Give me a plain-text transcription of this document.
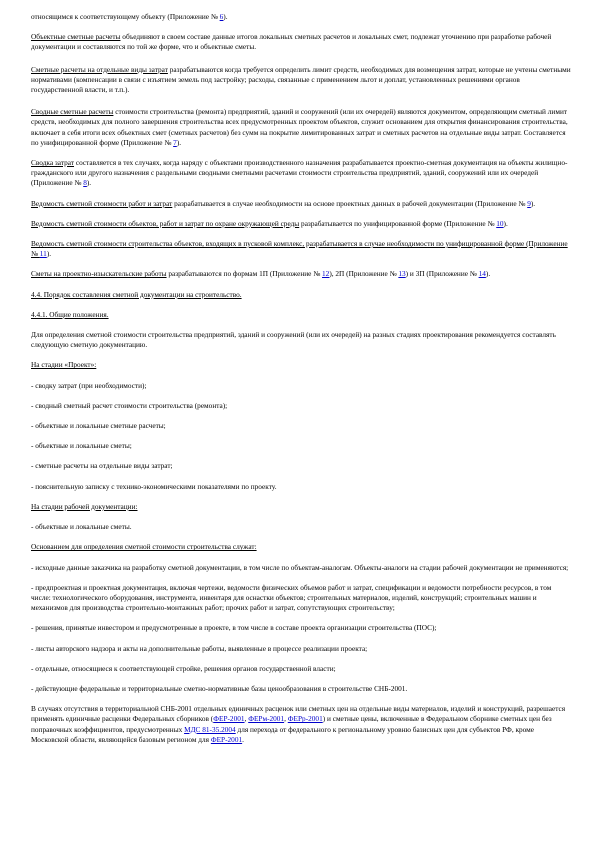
относящимся к соответствующему объекту (Приложение № 6).

Объектные сметные расчеты объединяют в своем составе данные итогов локальных сметных расчетов и локальных смет, подлежат уточнению при разработке рабочей документации и составляются по той же форме, что и объектные сметы.

Сметные расчеты на отдельные виды затрат разрабатываются когда требуется определить лимит средств, необходимых для возмещения затрат, которые не учтены сметными нормативами (компенсации в связи с изъятием земель под застройку; расходы, связанные с применением льгот и доплат, установленных решениями органов государственной власти, и т.п.).

Сводные сметные расчеты стоимости строительства (ремонта) предприятий, зданий и сооружений (или их очередей) являются документом, определяющим сметный лимит средств, необходимых для полного завершения строительства всех предусмотренных проектом объектов, служит основанием для открытия финансирования строительства, включает в себя итоги всех объектных смет (сметных расчетов) без сумм на покрытие лимитированных затрат и сметных расчетов на отдельные виды затрат. Составляется по унифицированной форме (Приложение № 7).

Сводка затрат составляется в тех случаях, когда наряду с объектами производственного назначения разрабатывается проектно-сметная документация на объекты жилищно-гражданского или другого назначения с раздельными сводными сметными расчетами стоимости строительства предприятий, зданий, сооружений или их очередей (Приложение № 8).

Ведомость сметной стоимости работ и затрат разрабатывается в случае необходимости на основе проектных данных в рабочей документации (Приложение № 9).

Ведомость сметной стоимости объектов, работ и затрат по охране окружающей среды разрабатывается по унифицированной форме (Приложение № 10).

Ведомость сметной стоимости строительства объектов, входящих в пусковой комплекс, разрабатывается в случае необходимости по унифицированной форме (Приложение № 11).

Сметы на проектно-изыскательские работы разрабатываются по формам 1П (Приложение № 12), 2П (Приложение № 13) и 3П (Приложение № 14).

4.4. Порядок составления сметной документации на строительство.

4.4.1. Общие положения.

Для определения сметной стоимости строительства предприятий, зданий и сооружений (или их очередей) на разных стадиях проектирования рекомендуется составлять следующую сметную документацию.

На стадии «Проект»:

- сводку затрат (при необходимости);

- сводный сметный расчет стоимости строительства (ремонта);

- объектные и локальные сметные расчеты;

- объектные и локальные сметы;

- сметные расчеты на отдельные виды затрат;

- пояснительную записку с технико-экономическими показателями по проекту.

На стадии рабочей документации:

- объектные и локальные сметы.

Основанием для определения сметной стоимости строительства служат:

- исходные данные заказчика на разработку сметной документации, в том числе по объектам-аналогам. Объекты-аналоги на стадии рабочей документации не применяются;

- предпроектная и проектная документация, включая чертежи, ведомости физических объемов работ и затрат, спецификации и ведомости потребности ресурсов, в том числе: технологического оборудования, инструмента, инвентаря для оснастки объектов; строительных материалов, изделий, конструкций; строительных машин и механизмов для производства строительно-монтажных работ; прочих работ и затрат, сопутствующих строительству;

- решения, принятые инвестором и предусмотренные в проекте, в том числе в составе проекта организации строительства (ПОС);

- листы авторского надзора и акты на дополнительные работы, выявленные в процессе реализации проекта;

- отдельные, относящиеся к соответствующей стройке, решения органов государственной власти;

- действующие федеральные и территориальные сметно-нормативные базы ценообразования в строительстве СНБ-2001.

В случаях отсутствия в территориальной СНБ-2001 отдельных единичных расценок или сметных цен на отдельные виды материалов, изделий и конструкций, разрешается применять единичные расценки Федеральных сборников (ФЕР-2001, ФЕРм-2001, ФЕРр-2001) и сметные цены, включенные в Федеральном сборнике сметных цен без поправочных коэффициентов, предусмотренных МДС 81-35.2004 для перехода от федерального к региональному уровню базисных цен для субъектов РФ, кроме Московской области, являющейся базовым регионом для ФЕР-2001.
